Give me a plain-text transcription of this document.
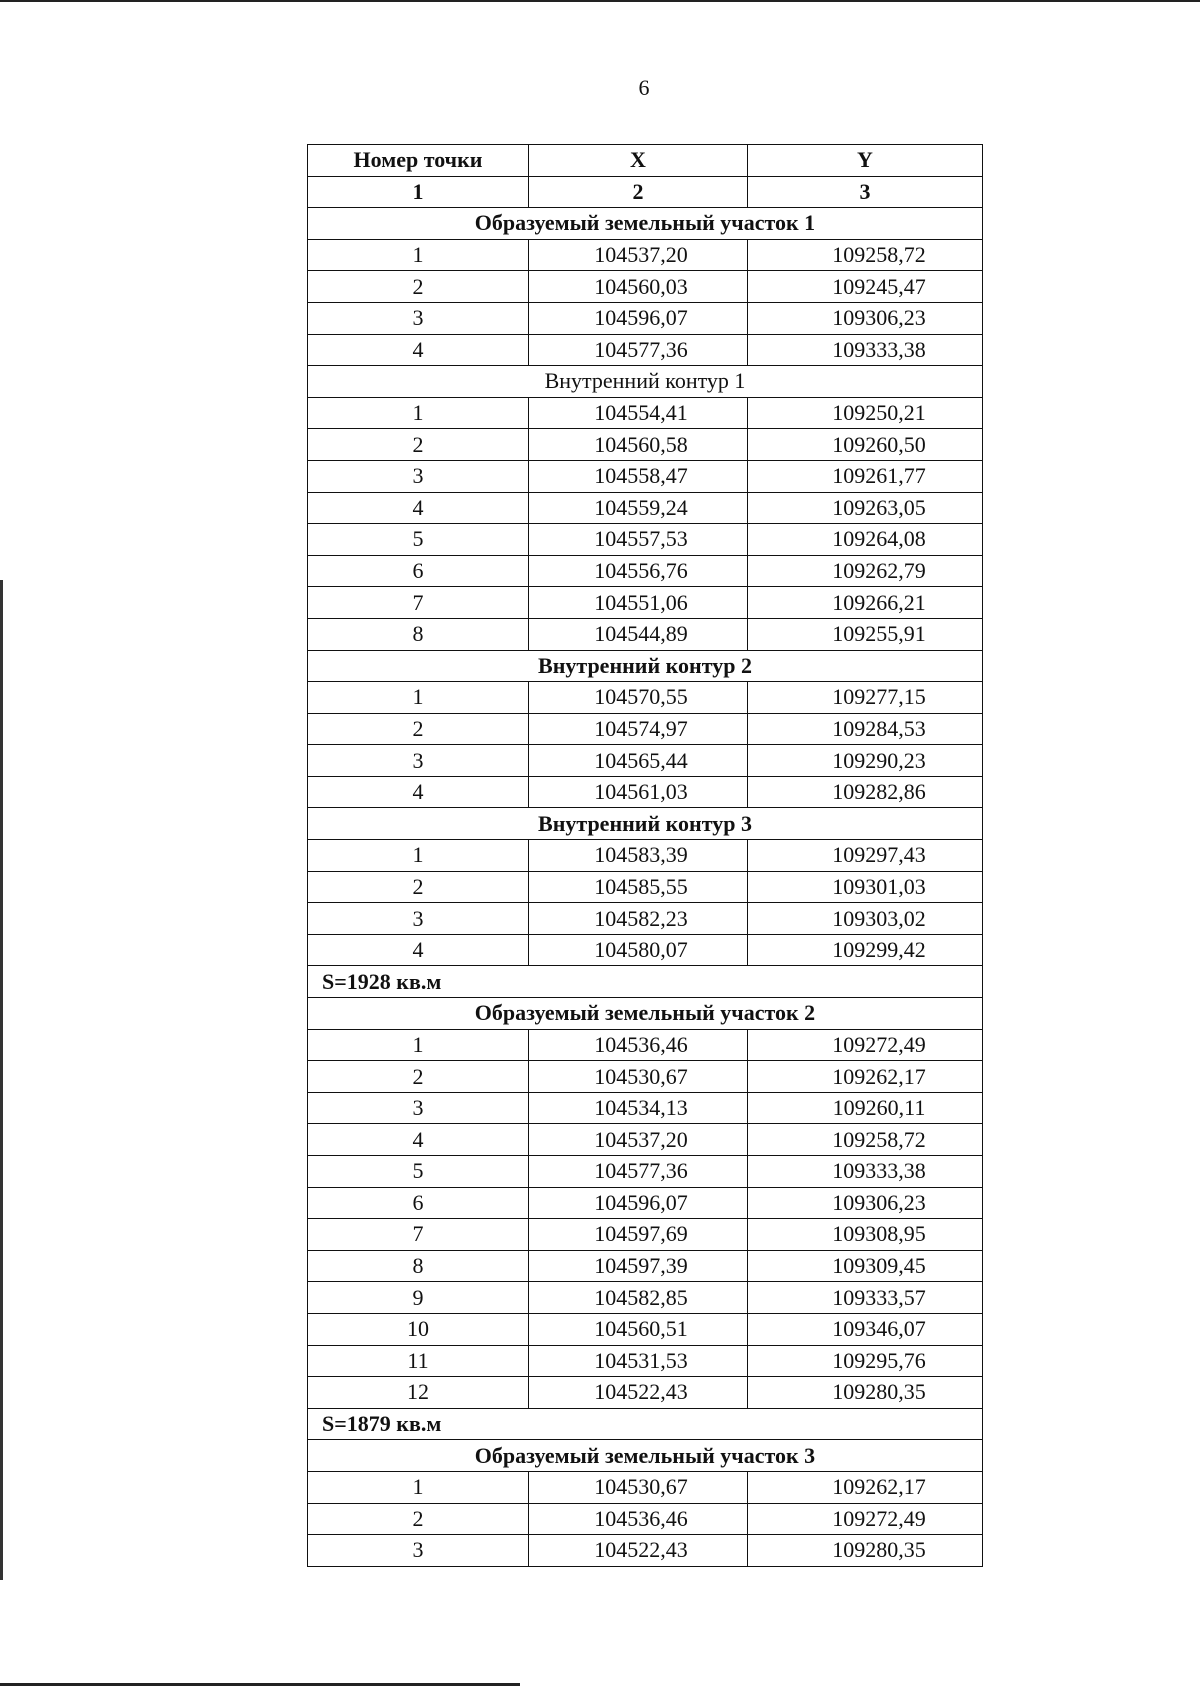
6
Номер точки	X	Y
1	2	3
Образуемый земельный участок 1		
1	104537,20	109258,72
2	104560,03	109245,47
3	104596,07	109306,23
4	104577,36	109333,38
Внутренний контур 1		
1	104554,41	109250,21
2	104560,58	109260,50
3	104558,47	109261,77
4	104559,24	109263,05
5	104557,53	109264,08
6	104556,76	109262,79
7	104551,06	109266,21
8	104544,89	109255,91
Внутренний контур 2		
1	104570,55	109277,15
2	104574,97	109284,53
3	104565,44	109290,23
4	104561,03	109282,86
Внутренний контур 3		
1	104583,39	109297,43
2	104585,55	109301,03
3	104582,23	109303,02
4	104580,07	109299,42
S=1928 кв.м		
Образуемый земельный участок 2		
1	104536,46	109272,49
2	104530,67	109262,17
3	104534,13	109260,11
4	104537,20	109258,72
5	104577,36	109333,38
6	104596,07	109306,23
7	104597,69	109308,95
8	104597,39	109309,45
9	104582,85	109333,57
10	104560,51	109346,07
11	104531,53	109295,76
12	104522,43	109280,35
S=1879 кв.м		
Образуемый земельный участок 3		
1	104530,67	109262,17
2	104536,46	109272,49
3	104522,43	109280,35
